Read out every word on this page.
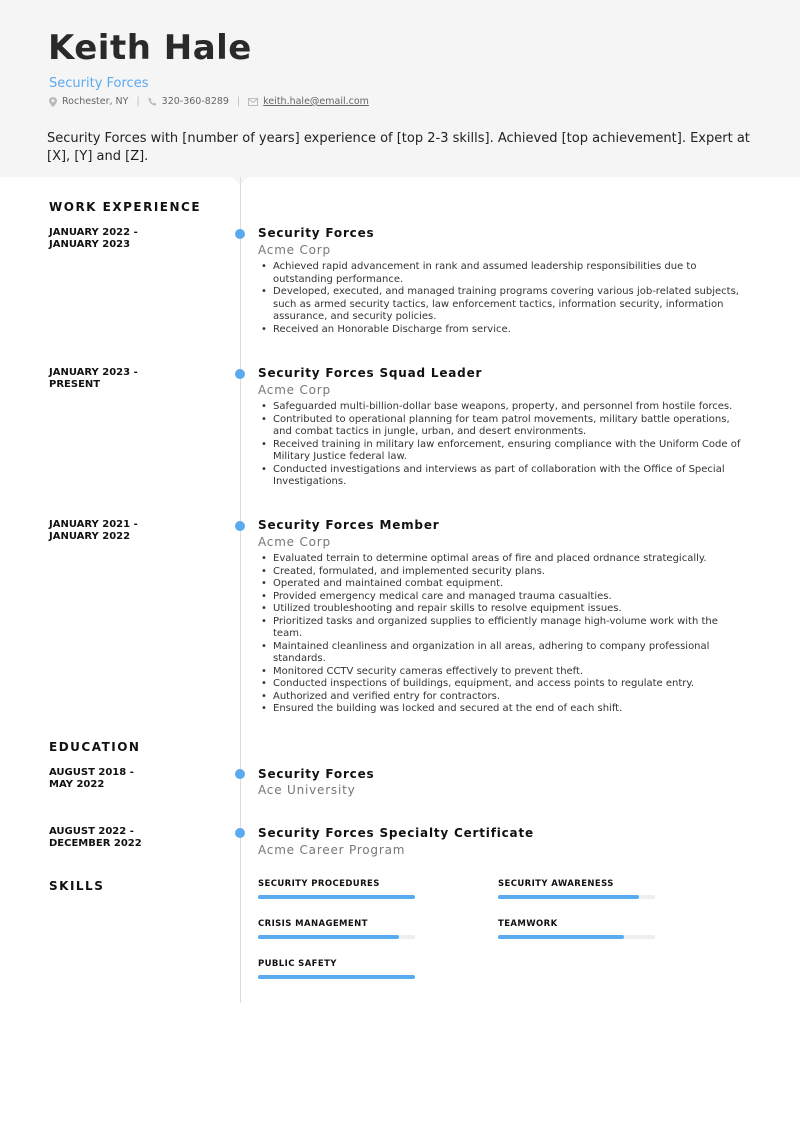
Keith Hale
Security Forces
Rochester, NY | 320-360-8289 | keith.hale@email.com
Security Forces with [number of years] experience of [top 2-3 skills]. Achieved [top achievement]. Expert at [X], [Y] and [Z].
WORK EXPERIENCE
JANUARY 2022 -
JANUARY 2023
Security Forces
Acme Corp
• Achieved rapid advancement in rank and assumed leadership responsibilities due to outstanding performance.
• Developed, executed, and managed training programs covering various job-related subjects, such as armed security tactics, law enforcement tactics, information security, information assurance, and security policies.
• Received an Honorable Discharge from service.
JANUARY 2023 -
PRESENT
Security Forces Squad Leader
Acme Corp
• Safeguarded multi-billion-dollar base weapons, property, and personnel from hostile forces.
• Contributed to operational planning for team patrol movements, military battle operations, and combat tactics in jungle, urban, and desert environments.
• Received training in military law enforcement, ensuring compliance with the Uniform Code of Military Justice federal law.
• Conducted investigations and interviews as part of collaboration with the Office of Special Investigations.
JANUARY 2021 -
JANUARY 2022
Security Forces Member
Acme Corp
• Evaluated terrain to determine optimal areas of fire and placed ordnance strategically.
• Created, formulated, and implemented security plans.
• Operated and maintained combat equipment.
• Provided emergency medical care and managed trauma casualties.
• Utilized troubleshooting and repair skills to resolve equipment issues.
• Prioritized tasks and organized supplies to efficiently manage high-volume work with the team.
• Maintained cleanliness and organization in all areas, adhering to company professional standards.
• Monitored CCTV security cameras effectively to prevent theft.
• Conducted inspections of buildings, equipment, and access points to regulate entry.
• Authorized and verified entry for contractors.
• Ensured the building was locked and secured at the end of each shift.
EDUCATION
AUGUST 2018 -
MAY 2022
Security Forces
Ace University
AUGUST 2022 -
DECEMBER 2022
Security Forces Specialty Certificate
Acme Career Program
SKILLS	SECURITY PROCEDURES	SECURITY AWARENESS
CRISIS MANAGEMENT	TEAMWORK
PUBLIC SAFETY
